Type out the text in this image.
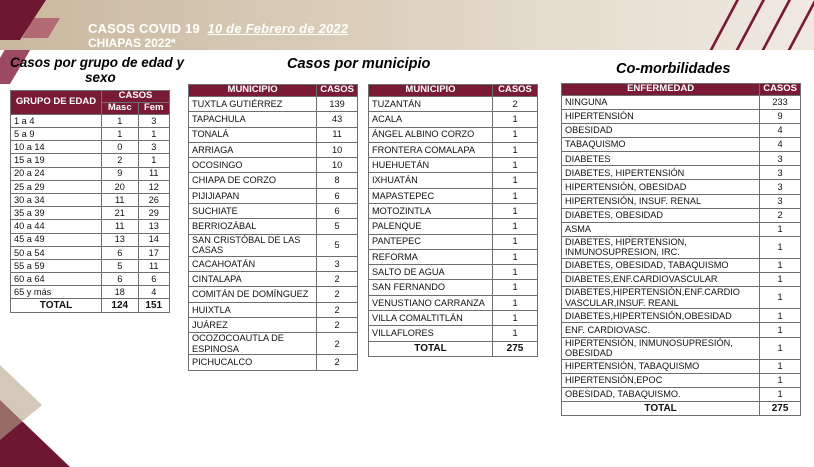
CASOS COVID 19 10 de Febrero de 2022
CHIAPAS 2022*
Casos por grupo de edad y
sexo
Casos por municipio	Co-morbilidades
GRUPO DE EDAD	CASOS	
	Masc	Fem
1 a 4	1	3
5 a 9	1	1
10 a 14	0	3
15 a 19	2	1
20 a 24	9	11
25 a 29	20	12
30 a 34	11	26
35 a 39	21	29
40 a 44	11	13
45 a 49	13	14
50 a 54	6	17
55 a 59	5	11
60 a 64	6	6
65 y más	18	4
TOTAL	124	151
MUNICIPIO	CASOS
TUXTLA GUTIÉRREZ	139
TAPACHULA	43
TONALÁ	11
ARRIAGA	10
OCOSINGO	10
CHIAPA DE CORZO	8
PIJIJIAPAN	6
SUCHIATE	6
BERRIOZÁBAL	5
SAN CRISTÓBAL DE LAS CASAS	5
CACAHOATÁN	3
CINTALAPA	2
COMITÁN DE DOMÍNGUEZ	2
HUIXTLA	2
JUÁREZ	2
OCOZOCOAUTLA DE ESPINOSA	2
PICHUCALCO	2
MUNICIPIO	CASOS
TUZANTÁN	2
ACALA	1
ÁNGEL ALBINO CORZO	1
FRONTERA COMALAPA	1
HUEHUETÁN	1
IXHUATÁN	1
MAPASTEPEC	1
MOTOZINTLA	1
PALENQUE	1
PANTEPEC	1
REFORMA	1
SALTO DE AGUA	1
SAN FERNANDO	1
VENUSTIANO CARRANZA	1
VILLA COMALTITLÁN	1
VILLAFLORES	1
TOTAL	275
ENFERMEDAD	CASOS
NINGUNA	233
HIPERTENSIÓN	9
OBESIDAD	4
TABAQUISMO	4
DIABETES	3
DIABETES, HIPERTENSIÓN	3
HIPERTENSIÓN, OBESIDAD	3
HIPERTENSIÓN, INSUF. RENAL	3
DIABETES, OBESIDAD	2
ASMA	1
DIABETES, HIPERTENSION, INMUNOSUPRESION, IRC.	1
DIABETES, OBESIDAD, TABAQUISMO	1
DIABETES,ENF.CARDIOVASCULAR	1
DIABETES,HIPERTENSIÓN,ENF.CARDIO VASCULAR,INSUF. REANL	1
DIABETES,HIPERTENSIÓN,OBESIDAD	1
ENF. CARDIOVASC.	1
HIPERTENSIÓN, INMUNOSUPRESIÓN, OBESIDAD	1
HIPERTENSIÓN, TABAQUISMO	1
HIPERTENSIÓN,EPOC	1
OBESIDAD, TABAQUISMO.	1
TOTAL	275
